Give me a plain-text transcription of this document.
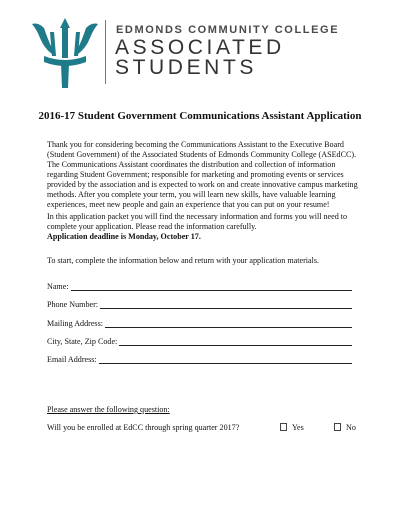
EDMONDS COMMUNITY COLLEGE
ASSOCIATED
STUDENTS
2016-17 Student Government Communications Assistant Application
Thank you for considering becoming the Communications Assistant to the Executive Board (Student Government) of the Associated Students of Edmonds Community College (ASEdCC). The Communications Assistant coordinates the distribution and collection of information regarding Student Government; responsible for marketing and promoting events or services provided by the association and is expected to work on and create innovative campus marketing methods. After you complete your term, you will learn new skills, have valuable learning experiences, meet new people and gain an experience that you can put on your resume!
In this application packet you will find the necessary information and forms you will need to complete your application. Please read the information carefully.
Application deadline is Monday, October 17.
To start, complete the information below and return with your application materials.
Name:
Phone Number:
Mailing Address:
City, State, Zip Code:
Email Address:
Please answer the following question:
Will you be enrolled at EdCC through spring quarter 2017?	Yes	No
